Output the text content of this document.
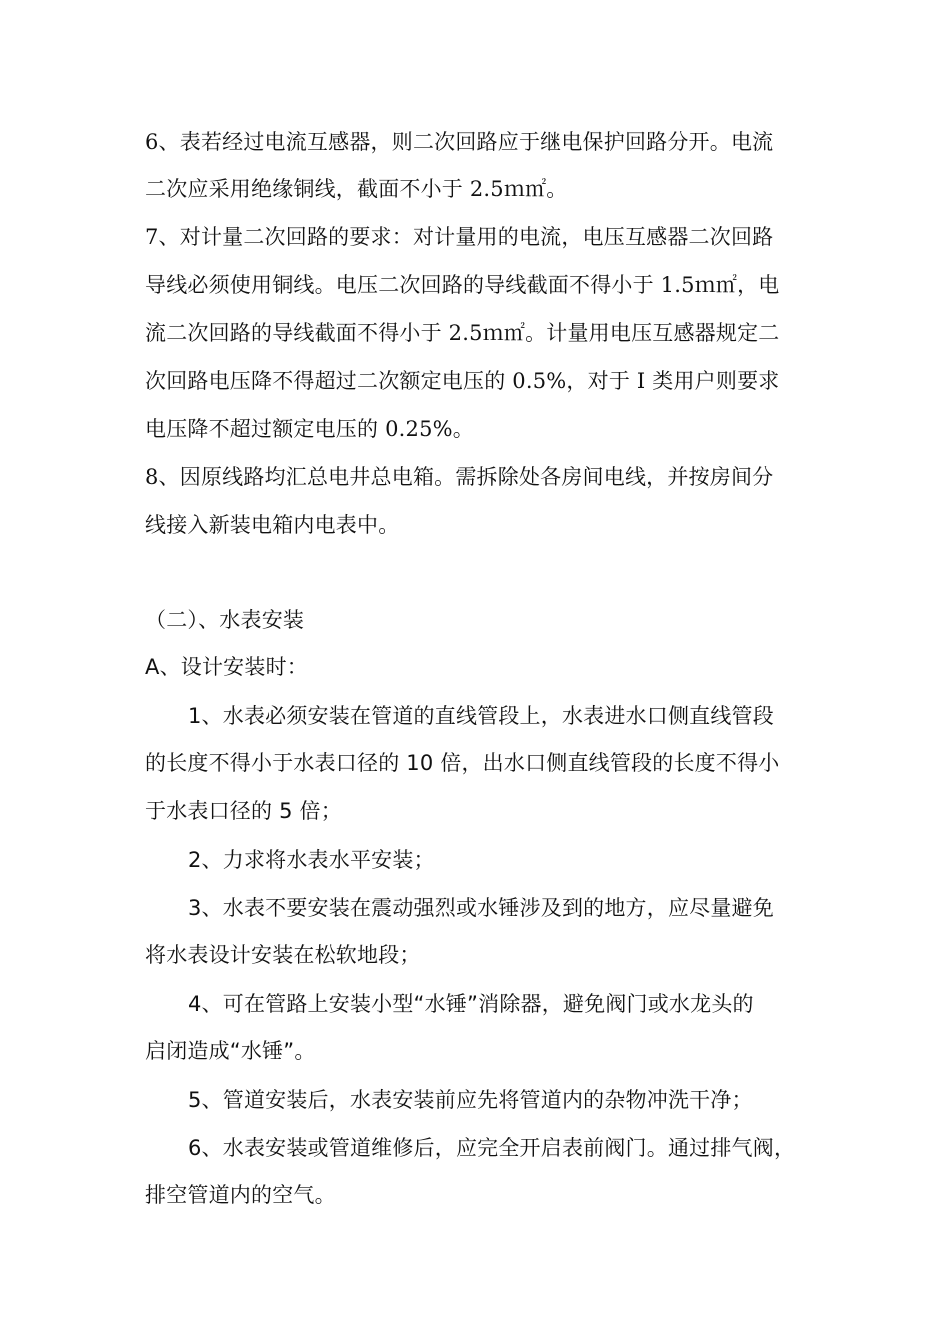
6、表若经过电流互感器，则二次回路应于继电保护回路分开。电流
二次应采用绝缘铜线，截面不小于 2.5ｍ㎡。
7、对计量二次回路的要求：对计量用的电流，电压互感器二次回路
导线必须使用铜线。电压二次回路的导线截面不得小于 1.5ｍ㎡，电
流二次回路的导线截面不得小于 2.5ｍ㎡。计量用电压互感器规定二
次回路电压降不得超过二次额定电压的 0.5%，对于 I 类用户则要求
电压降不超过额定电压的 0.25%。
8、因原线路均汇总电井总电箱。需拆除处各房间电线，并按房间分
线接入新装电箱内电表中。
（二）、水表安装
A、设计安装时：
1、水表必须安装在管道的直线管段上，水表进水口侧直线管段
的长度不得小于水表口径的 10 倍，出水口侧直线管段的长度不得小
于水表口径的 5 倍；
2、力求将水表水平安装；
3、水表不要安装在震动强烈或水锤涉及到的地方，应尽量避免
将水表设计安装在松软地段；
4、可在管路上安装小型“水锤”消除器，避免阀门或水龙头的
启闭造成“水锤”。
5、管道安装后，水表安装前应先将管道内的杂物冲洗干净；
6、水表安装或管道维修后，应完全开启表前阀门。通过排气阀，
排空管道内的空气。
